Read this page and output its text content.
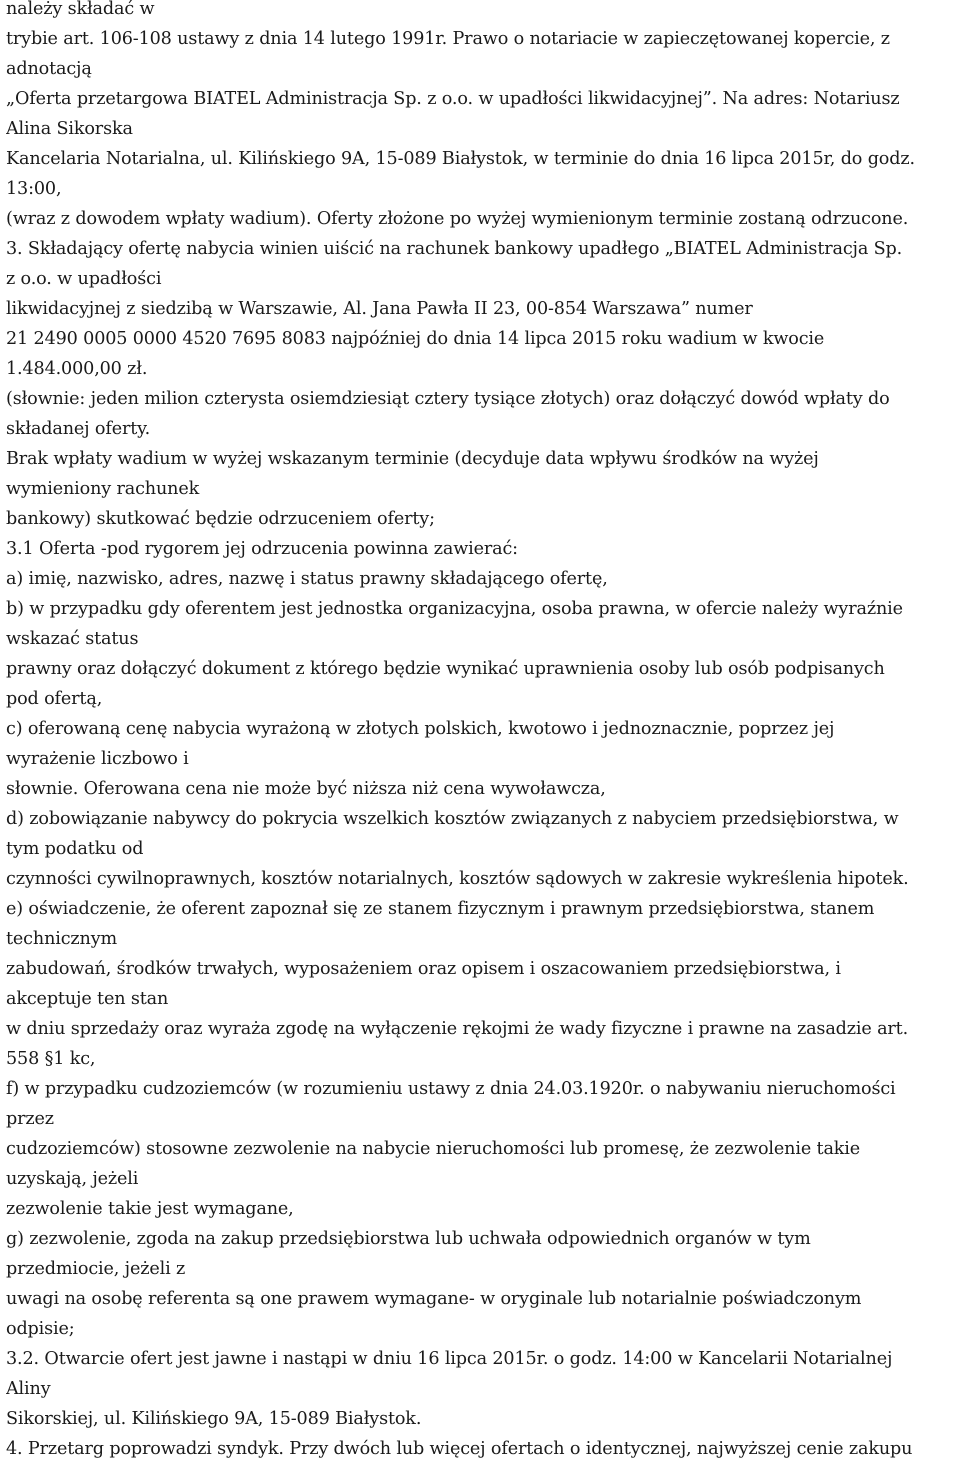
należy składać w
trybie art. 106-108 ustawy z dnia 14 lutego 1991r. Prawo o notariacie w zapieczętowanej kopercie, z
adnotacją
„Oferta przetargowa BIATEL Administracja Sp. z o.o. w upadłości likwidacyjnej”. Na adres: Notariusz
Alina Sikorska
Kancelaria Notarialna, ul. Kilińskiego 9A, 15-089 Białystok, w terminie do dnia 16 lipca 2015r, do godz.
13:00,
(wraz z dowodem wpłaty wadium). Oferty złożone po wyżej wymienionym terminie zostaną odrzucone.
3. Składający ofertę nabycia winien uiścić na rachunek bankowy upadłego „BIATEL Administracja Sp.
z o.o. w upadłości
likwidacyjnej z siedzibą w Warszawie, Al. Jana Pawła II 23, 00-854 Warszawa” numer
21 2490 0005 0000 4520 7695 8083 najpóźniej do dnia 14 lipca 2015 roku wadium w kwocie
1.484.000,00 zł.
(słownie: jeden milion czterysta osiemdziesiąt cztery tysiące złotych) oraz dołączyć dowód wpłaty do
składanej oferty.
Brak wpłaty wadium w wyżej wskazanym terminie (decyduje data wpływu środków na wyżej
wymieniony rachunek
bankowy) skutkować będzie odrzuceniem oferty;
3.1 Oferta -pod rygorem jej odrzucenia powinna zawierać:
a) imię, nazwisko, adres, nazwę i status prawny składającego ofertę,
b) w przypadku gdy oferentem jest jednostka organizacyjna, osoba prawna, w ofercie należy wyraźnie
wskazać status
prawny oraz dołączyć dokument z którego będzie wynikać uprawnienia osoby lub osób podpisanych
pod ofertą,
c) oferowaną cenę nabycia wyrażoną w złotych polskich, kwotowo i jednoznacznie, poprzez jej
wyrażenie liczbowo i
słownie. Oferowana cena nie może być niższa niż cena wywoławcza,
d) zobowiązanie nabywcy do pokrycia wszelkich kosztów związanych z nabyciem przedsiębiorstwa, w
tym podatku od
czynności cywilnoprawnych, kosztów notarialnych, kosztów sądowych w zakresie wykreślenia hipotek.
e) oświadczenie, że oferent zapoznał się ze stanem fizycznym i prawnym przedsiębiorstwa, stanem
technicznym
zabudowań, środków trwałych, wyposażeniem oraz opisem i oszacowaniem przedsiębiorstwa, i
akceptuje ten stan
w dniu sprzedaży oraz wyraża zgodę na wyłączenie rękojmi że wady fizyczne i prawne na zasadzie art.
558 §1 kc,
f) w przypadku cudzoziemców (w rozumieniu ustawy z dnia 24.03.1920r. o nabywaniu nieruchomości
przez
cudzoziemców) stosowne zezwolenie na nabycie nieruchomości lub promesę, że zezwolenie takie
uzyskają, jeżeli
zezwolenie takie jest wymagane,
g) zezwolenie, zgoda na zakup przedsiębiorstwa lub uchwała odpowiednich organów w tym
przedmiocie, jeżeli z
uwagi na osobę referenta są one prawem wymagane- w oryginale lub notarialnie poświadczonym
odpisie;
3.2. Otwarcie ofert jest jawne i nastąpi w dniu 16 lipca 2015r. o godz. 14:00 w Kancelarii Notarialnej
Aliny
Sikorskiej, ul. Kilińskiego 9A, 15-089 Białystok.
4. Przetarg poprowadzi syndyk. Przy dwóch lub więcej ofertach o identycznej, najwyższej cenie zakupu
